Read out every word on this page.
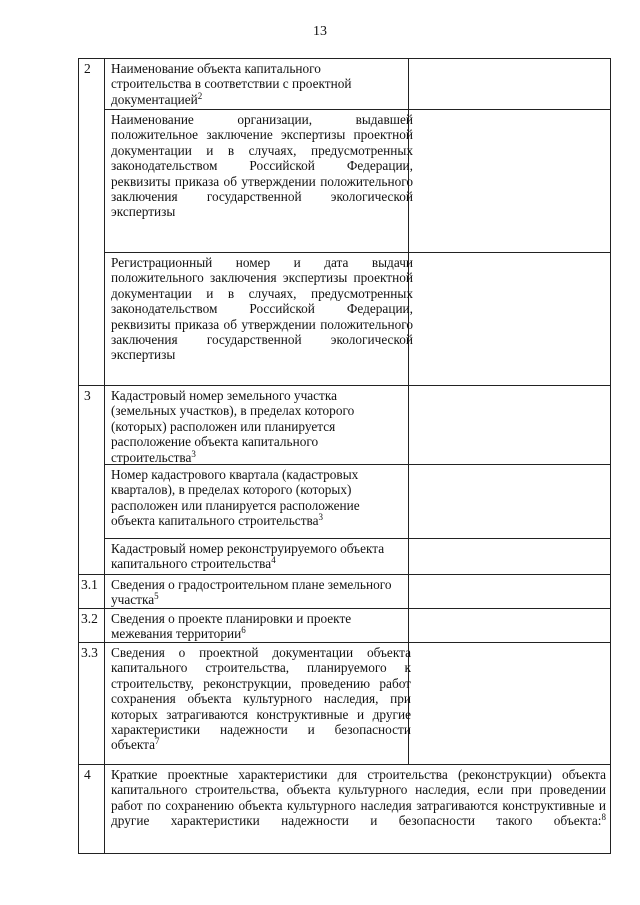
13
2
3
3.1
3.2
3.3
4
Наименование объекта капитального строительства в соответствии с проектной документацией$^2$
Наименование организации, выдавшей положительное заключение экспертизы проектной документации и в случаях, предусмотренных законодательством Российской Федерации, реквизиты приказа об утверждении положительного заключения государственной экологической экспертизы
Регистрационный номер и дата выдачи положительного заключения экспертизы проектной документации и в случаях, предусмотренных законодательством Российской Федерации, реквизиты приказа об утверждении положительного заключения государственной экологической экспертизы
Кадастровый номер земельного участка (земельных участков), в пределах которого (которых) расположен или планируется расположение объекта капитального строительства$^3$
Номер кадастрового квартала (кадастровых кварталов), в пределах которого (которых) расположен или планируется расположение объекта капитального строительства$^3$
Кадастровый номер реконструируемого объекта капитального строительства$^4$
Сведения о градостроительном плане земельного участка$^5$
Сведения о проекте планировки и проекте межевания территории$^6$
Сведения о проектной документации объекта капитального строительства, планируемого к строительству, реконструкции, проведению работ сохранения объекта культурного наследия, при которых затрагиваются конструктивные и другие характеристики надежности и безопасности объекта$^7$
Краткие проектные характеристики для строительства (реконструкции) объекта капитального строительства, объекта культурного наследия, если при проведении работ по сохранению объекта культурного наследия затрагиваются конструктивные и другие характеристики надежности и безопасности такого объекта:$^8$
